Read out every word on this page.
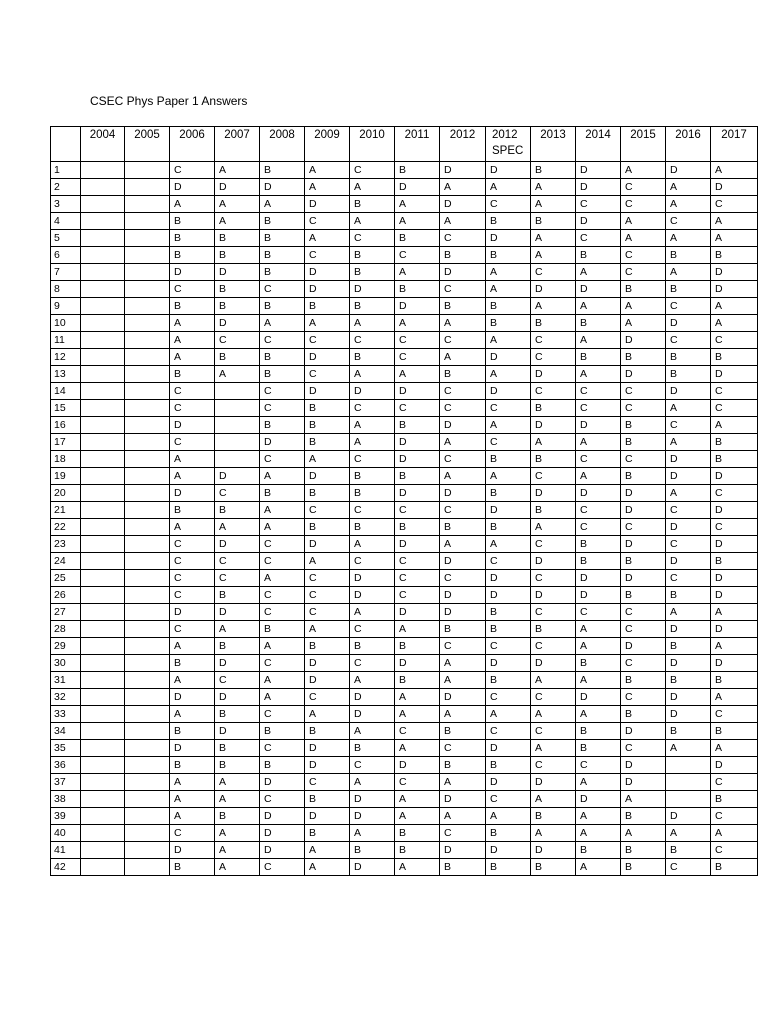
CSEC Phys Paper 1 Answers
	2004	2005	2006	2007	2008	2009	2010	2011	2012	2012 SPEC	2013	2014	2015	2016	2017
1			C	A	B	A	C	B	D	D	B	D	A	D	A
2			D	D	D	A	A	D	A	A	A	D	C	A	D
3			A	A	A	D	B	A	D	C	A	C	C	A	C
4			B	A	B	C	A	A	A	B	B	D	A	C	A
5			B	B	B	A	C	B	C	D	A	C	A	A	A
6			B	B	B	C	B	C	B	B	A	B	C	B	B
7			D	D	B	D	B	A	D	A	C	A	C	A	D
8			C	B	C	D	D	B	C	A	D	D	B	B	D
9			B	B	B	B	B	D	B	B	A	A	A	C	A
10			A	D	A	A	A	A	A	B	B	B	A	D	A
11			A	C	C	C	C	C	C	A	C	A	D	C	C
12			A	B	B	D	B	C	A	D	C	B	B	B	B
13			B	A	B	C	A	A	B	A	D	A	D	B	D
14			C		C	D	D	D	C	D	C	C	C	D	C
15			C		C	B	C	C	C	C	B	C	C	A	C
16			D		B	B	A	B	D	A	D	D	B	C	A
17			C		D	B	A	D	A	C	A	A	B	A	B
18			A		C	A	C	D	C	B	B	C	C	D	B
19			A	D	A	D	B	B	A	A	C	A	B	D	D
20			D	C	B	B	B	D	D	B	D	D	D	A	C
21			B	B	A	C	C	C	C	D	B	C	D	C	D
22			A	A	A	B	B	B	B	B	A	C	C	D	C
23			C	D	C	D	A	D	A	A	C	B	D	C	D
24			C	C	C	A	C	C	D	C	D	B	B	D	B
25			C	C	A	C	D	C	C	D	C	D	D	C	D
26			C	B	C	C	D	C	D	D	D	D	B	B	D
27			D	D	C	C	A	D	D	B	C	C	C	A	A
28			C	A	B	A	C	A	B	B	B	A	C	D	D
29			A	B	A	B	B	B	C	C	C	A	D	B	A
30			B	D	C	D	C	D	A	D	D	B	C	D	D
31			A	C	A	D	A	B	A	B	A	A	B	B	B
32			D	D	A	C	D	A	D	C	C	D	C	D	A
33			A	B	C	A	D	A	A	A	A	A	B	D	C
34			B	D	B	B	A	C	B	C	C	B	D	B	B
35			D	B	C	D	B	A	C	D	A	B	C	A	A
36			B	B	B	D	C	D	B	B	C	C	D		D
37			A	A	D	C	A	C	A	D	D	A	D		C
38			A	A	C	B	D	A	D	C	A	D	A		B
39			A	B	D	D	D	A	A	A	B	A	B	D	C
40			C	A	D	B	A	B	C	B	A	A	A	A	A
41			D	A	D	A	B	B	D	D	D	B	B	B	C
42			B	A	C	A	D	A	B	B	B	A	B	C	B
